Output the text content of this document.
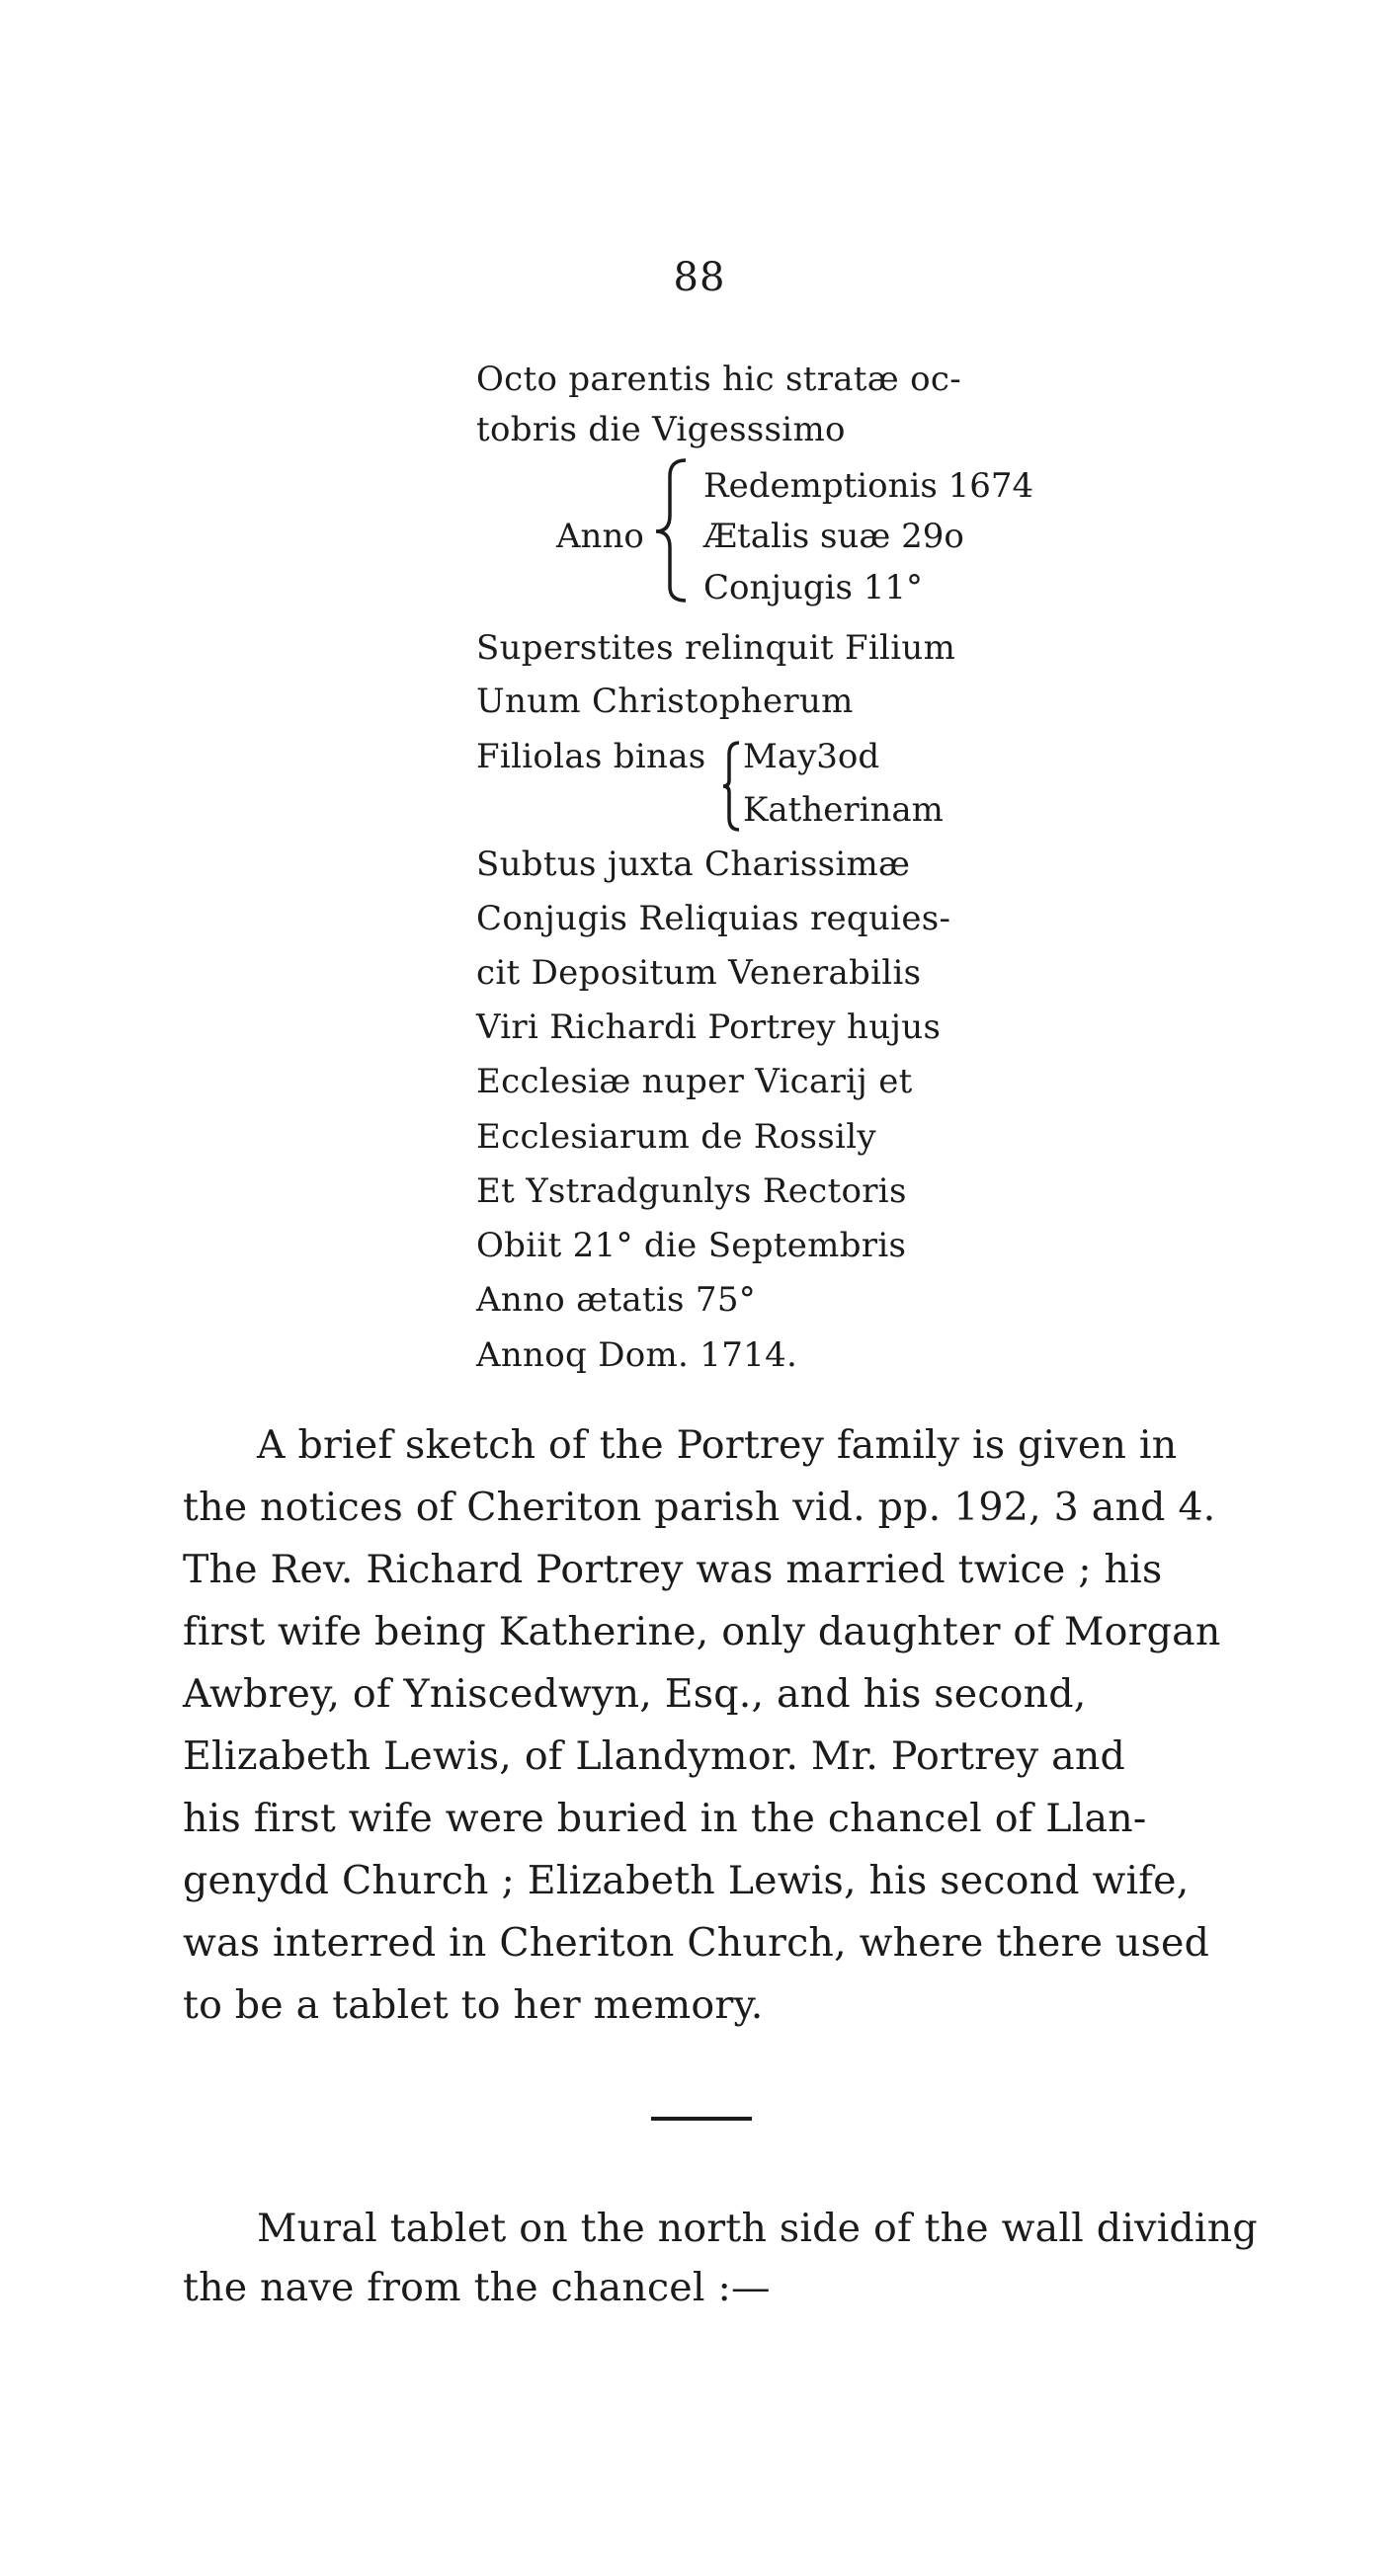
88
Octo parentis hic stratæ oc-
tobris die Vigesssimo
Anno
Redemptionis 1674
Ætalis suæ 29o
Conjugis 11°
Superstites relinquit Filium
Unum Christopherum
Filiolas binas May3od
Katherinam
Subtus juxta Charissimæ
Conjugis Reliquias requies-
cit Depositum Venerabilis
Viri Richardi Portrey hujus
Ecclesiæ nuper Vicarij et
Ecclesiarum de Rossily
Et Ystradgunlys Rectoris
Obiit 21° die Septembris
Anno ætatis 75°
Annoq Dom. 1714.
A brief sketch of the Portrey family is given in
the notices of Cheriton parish vid. pp. 192, 3 and 4.
The Rev. Richard Portrey was married twice ; his
first wife being Katherine, only daughter of Morgan
Awbrey, of Yniscedwyn, Esq., and his second,
Elizabeth Lewis, of Llandymor. Mr. Portrey and
his first wife were buried in the chancel of Llan-
genydd Church ; Elizabeth Lewis, his second wife,
was interred in Cheriton Church, where there used
to be a tablet to her memory.
Mural tablet on the north side of the wall dividing
the nave from the chancel :—
